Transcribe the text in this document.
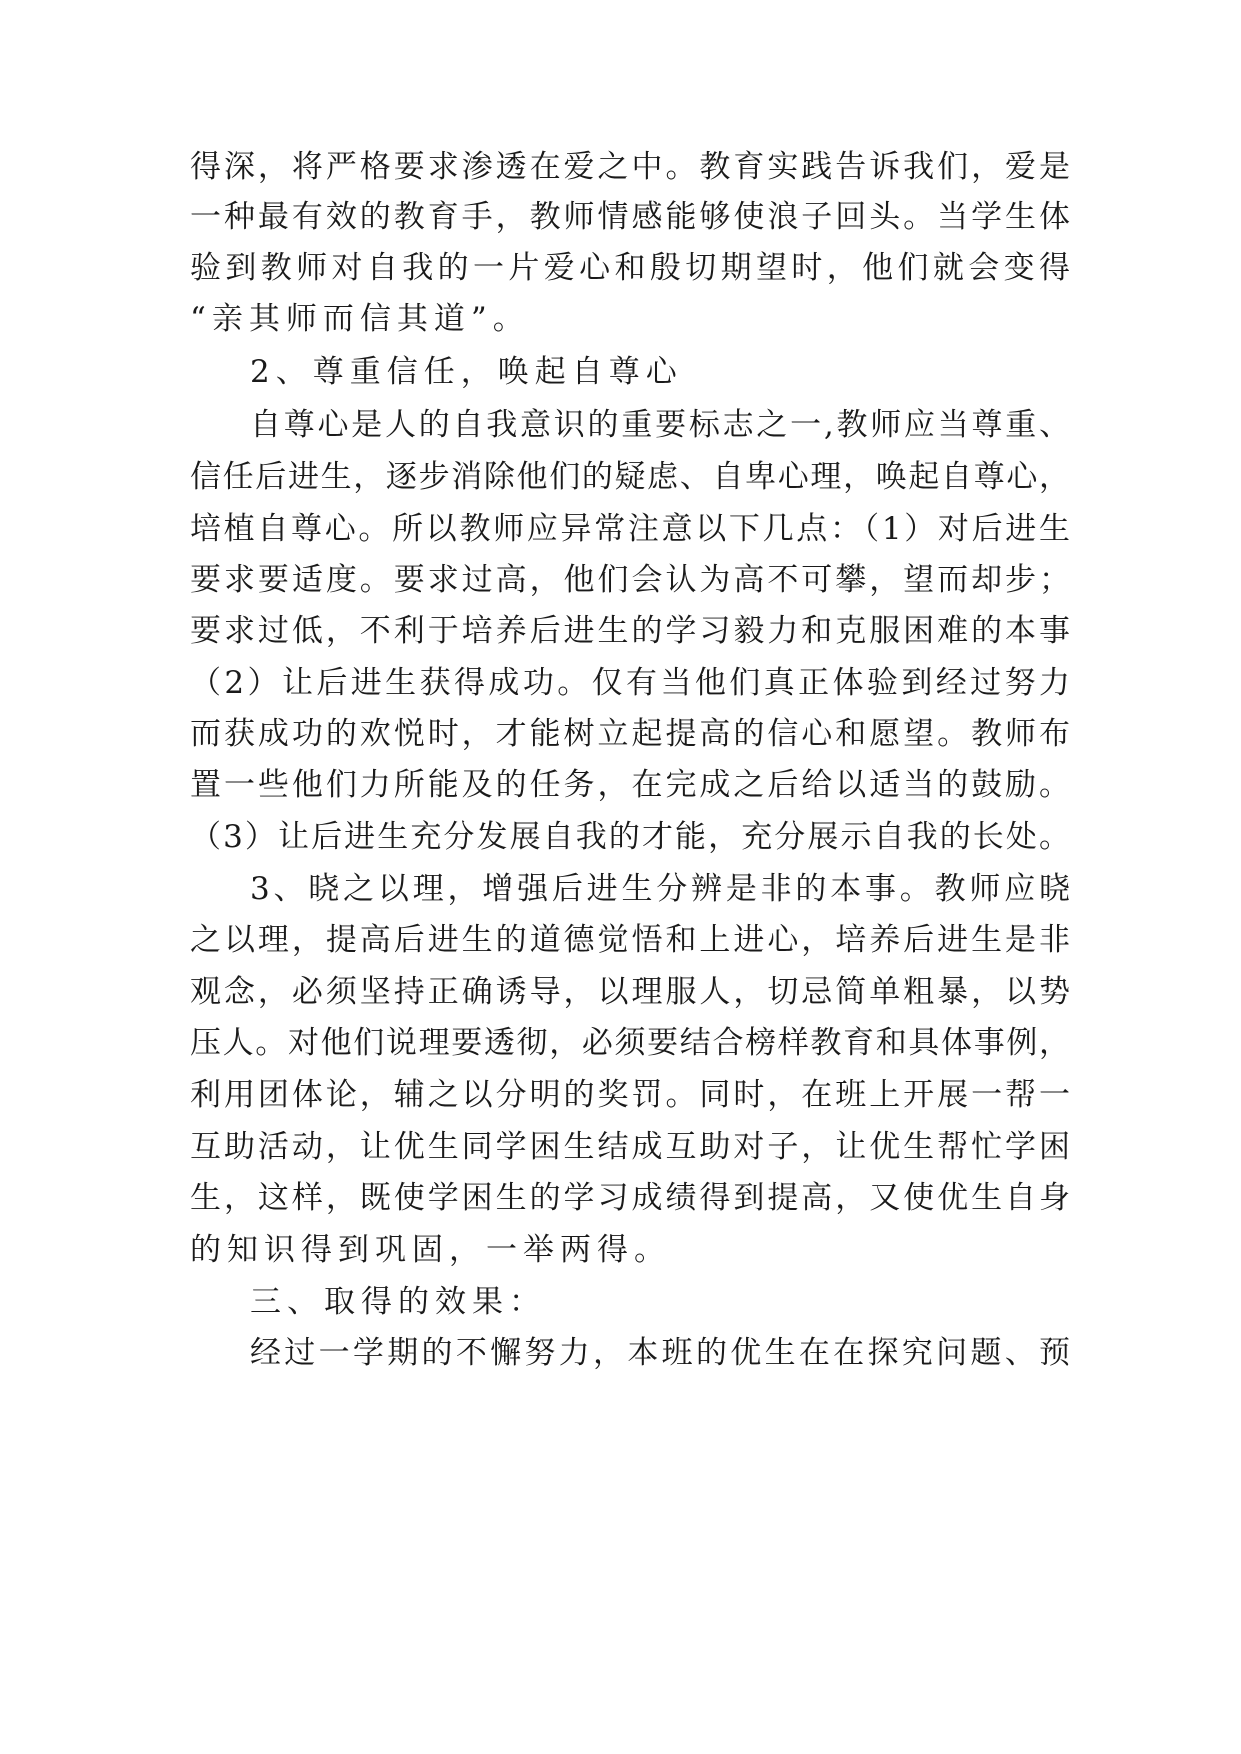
得深，将严格要求渗透在爱之中。教育实践告诉我们，爱是
一种最有效的教育手，教师情感能够使浪子回头。当学生体
验到教师对自我的一片爱心和殷切期望时，他们就会变得
“亲其师而信其道”。
2、尊重信任，唤起自尊心
自尊心是人的自我意识的重要标志之一,教师应当尊重、
信任后进生，逐步消除他们的疑虑、自卑心理，唤起自尊心，
培植自尊心。所以教师应异常注意以下几点：（1）对后进生
要求要适度。要求过高，他们会认为高不可攀，望而却步；
要求过低，不利于培养后进生的学习毅力和克服困难的本事
（2）让后进生获得成功。仅有当他们真正体验到经过努力
而获成功的欢悦时，才能树立起提高的信心和愿望。教师布
置一些他们力所能及的任务，在完成之后给以适当的鼓励。
（3）让后进生充分发展自我的才能，充分展示自我的长处。
3、晓之以理，增强后进生分辨是非的本事。教师应晓
之以理，提高后进生的道德觉悟和上进心，培养后进生是非
观念，必须坚持正确诱导，以理服人，切忌简单粗暴，以势
压人。对他们说理要透彻，必须要结合榜样教育和具体事例，
利用团体论，辅之以分明的奖罚。同时，在班上开展一帮一
互助活动，让优生同学困生结成互助对子，让优生帮忙学困
生，这样，既使学困生的学习成绩得到提高，又使优生自身
的知识得到巩固，一举两得。
三、取得的效果：
经过一学期的不懈努力，本班的优生在在探究问题、预
